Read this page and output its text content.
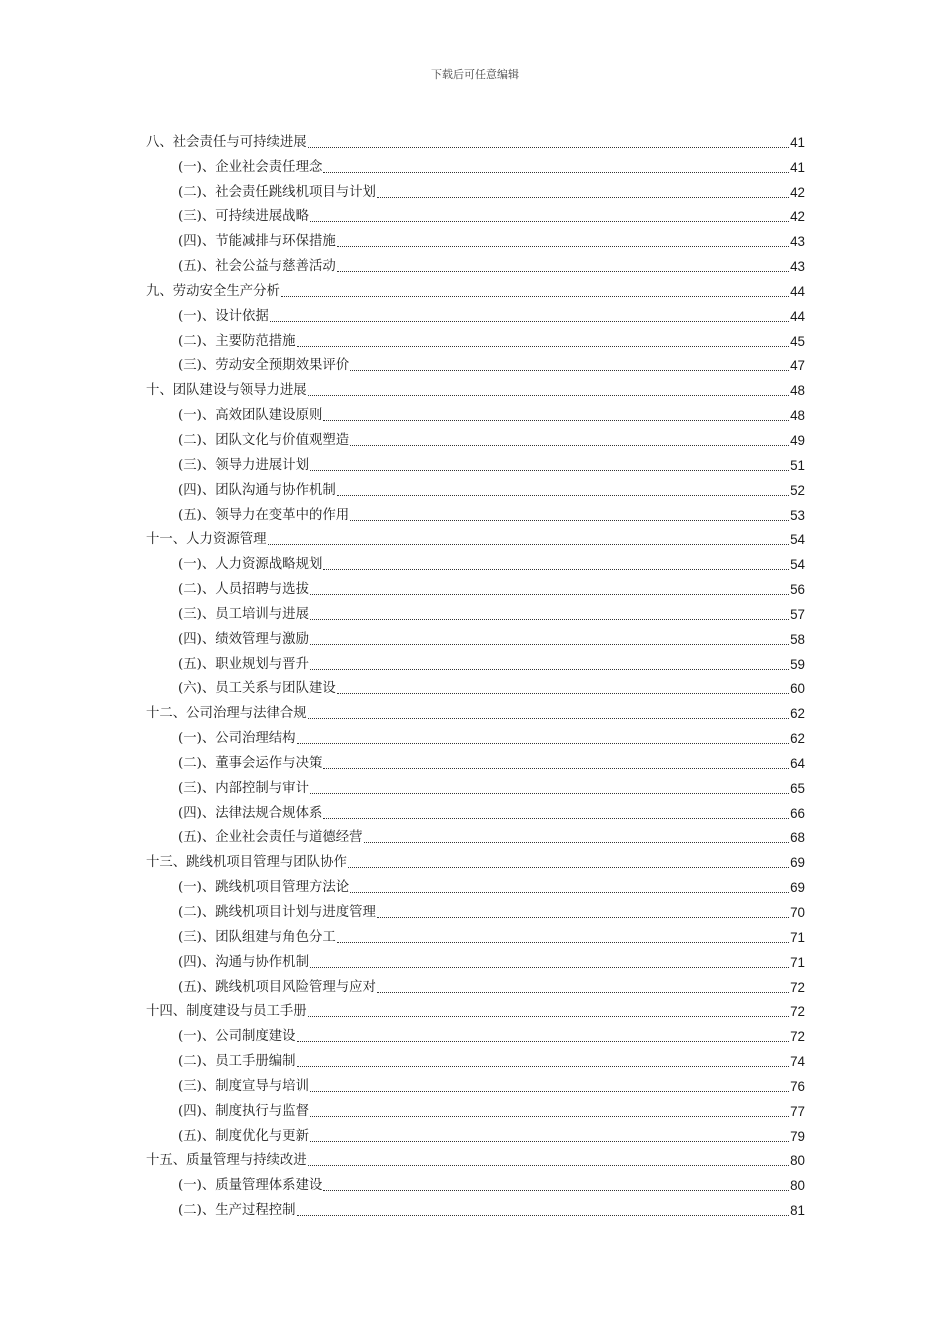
下载后可任意编辑
八、社会责任与可持续进展	41
(一)、企业社会责任理念	41
(二)、社会责任跳线机项目与计划	42
(三)、可持续进展战略	42
(四)、节能减排与环保措施	43
(五)、社会公益与慈善活动	43
九、劳动安全生产分析	44
(一)、设计依据	44
(二)、主要防范措施	45
(三)、劳动安全预期效果评价	47
十、团队建设与领导力进展	48
(一)、高效团队建设原则	48
(二)、团队文化与价值观塑造	49
(三)、领导力进展计划	51
(四)、团队沟通与协作机制	52
(五)、领导力在变革中的作用	53
十一、人力资源管理	54
(一)、人力资源战略规划	54
(二)、人员招聘与选拔	56
(三)、员工培训与进展	57
(四)、绩效管理与激励	58
(五)、职业规划与晋升	59
(六)、员工关系与团队建设	60
十二、公司治理与法律合规	62
(一)、公司治理结构	62
(二)、董事会运作与决策	64
(三)、内部控制与审计	65
(四)、法律法规合规体系	66
(五)、企业社会责任与道德经营	68
十三、跳线机项目管理与团队协作	69
(一)、跳线机项目管理方法论	69
(二)、跳线机项目计划与进度管理	70
(三)、团队组建与角色分工	71
(四)、沟通与协作机制	71
(五)、跳线机项目风险管理与应对	72
十四、制度建设与员工手册	72
(一)、公司制度建设	72
(二)、员工手册编制	74
(三)、制度宣导与培训	76
(四)、制度执行与监督	77
(五)、制度优化与更新	79
十五、质量管理与持续改进	80
(一)、质量管理体系建设	80
(二)、生产过程控制	81
